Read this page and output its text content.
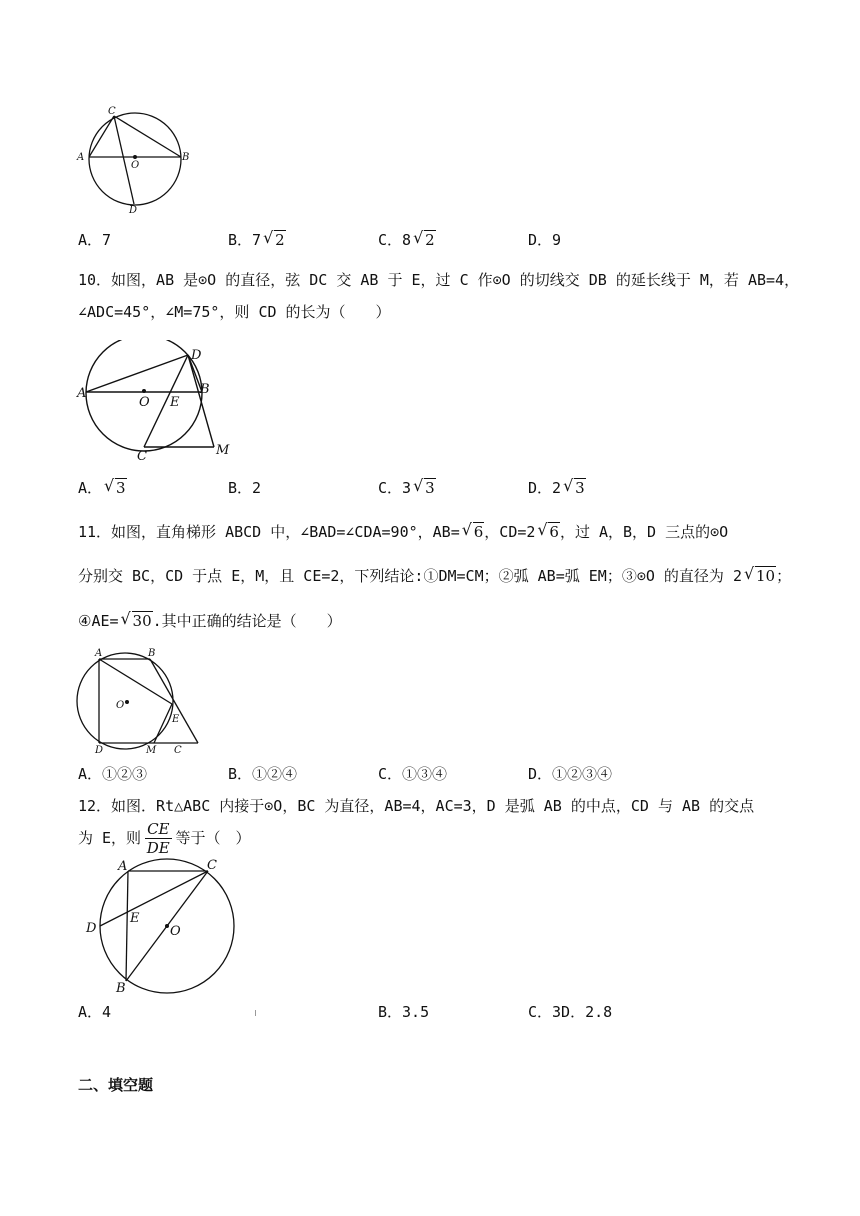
C
A
O
B
D
A．7	B．7 √ 2	C．8 √ 2	D．9
10．如图，AB 是⊙O 的直径，弦 DC 交 AB 于 E，过 C 作⊙O 的切线交 DB 的延长线于 M，若 AB=4，
∠ADC=45°，∠M=75°，则 CD 的长为（　　）
D
A
O E
B
C	M
A． √ 3	B．2	C．3 √ 3	D．2 √ 3
11．如图，直角梯形 ABCD 中，∠BAD=∠CDA=90°，AB= √ 6，CD=2 √ 6，过 A，B，D 三点的⊙O
分别交 BC，CD 于点 E，M，且 CE=2，下列结论:①DM=CM；②弧 AB=弧 EM；③⊙O 的直径为 2 √ 10；
④AE= √ 30.其中正确的结论是（　　）
A	B
O
E
D	M C
A．①②③	B．①②④	C．①③④	D．①②③④
12．如图．Rt△ABC 内接于⊙O，BC 为直径，AB=4，AC=3，D 是弧 AB 的中点，CD 与 AB 的交点
为 E，则 $\frac{CE}{DE}$ 等于（　）
A	C
D
E
O
B
A．4	B．3.5	C．3D．2.8
二、填空题
